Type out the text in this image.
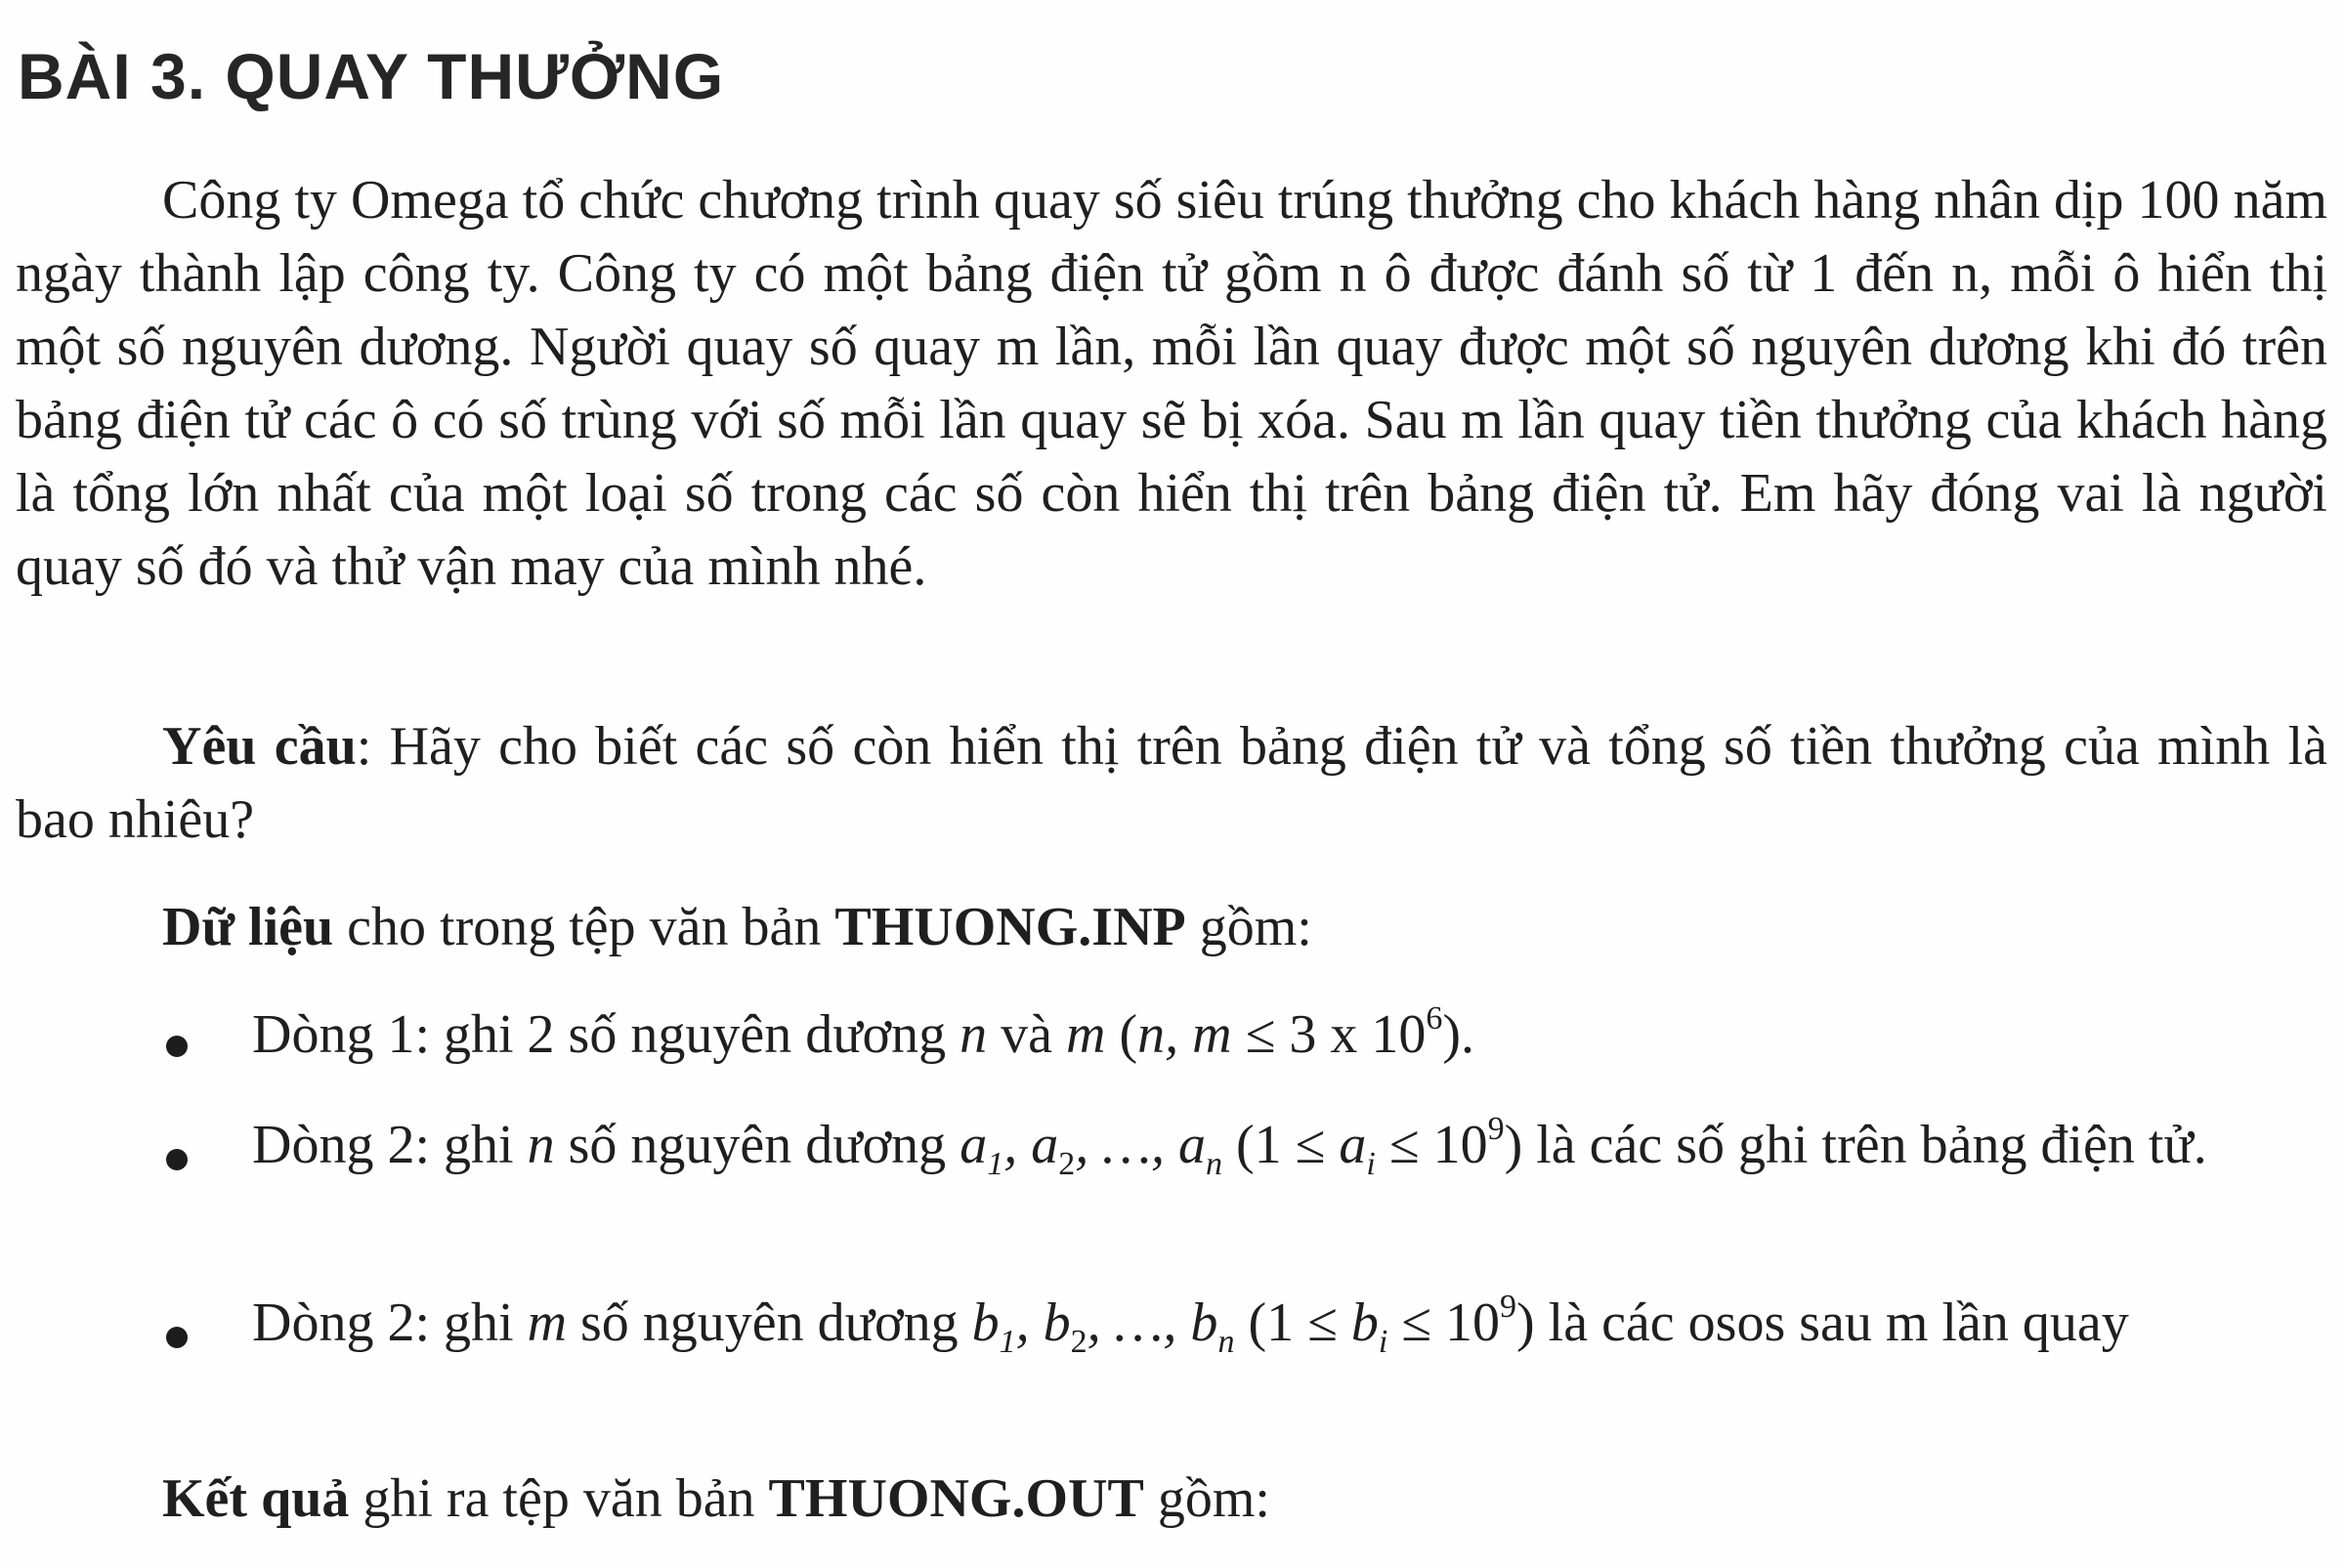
BÀI 3. QUAY THƯỞNG

Công ty Omega tổ chức chương trình quay số siêu trúng thưởng cho khách hàng nhân dịp 100 năm ngày thành lập công ty. Công ty có một bảng điện tử gồm n ô được đánh số từ 1 đến n, mỗi ô hiển thị một số nguyên dương. Người quay số quay m lần, mỗi lần quay được một số nguyên dương khi đó trên bảng điện tử các ô có số trùng với số mỗi lần quay sẽ bị xóa. Sau m lần quay tiền thưởng của khách hàng là tổng lớn nhất của một loại số trong các số còn hiển thị trên bảng điện tử. Em hãy đóng vai là người quay số đó và thử vận may của mình nhé.

Yêu cầu: Hãy cho biết các số còn hiển thị trên bảng điện tử và tổng số tiền thưởng của mình là bao nhiêu?

Dữ liệu cho trong tệp văn bản THUONG.INP gồm:

Dòng 1: ghi 2 số nguyên dương n và m (n, m ≤ 3 x $10^6$).

Dòng 2: ghi n số nguyên dương $a_1$, $a_2$, …, $a_n$ $(1 \le a_i \le 10^9)$ là các số ghi trên bảng điện tử.

Dòng 2: ghi m số nguyên dương $b_1$, $b_2$, …, $b_n$ $(1 \le b_i \le 10^9)$ là các osos sau m lần quay

Kết quả ghi ra tệp văn bản THUONG.OUT gồm:
